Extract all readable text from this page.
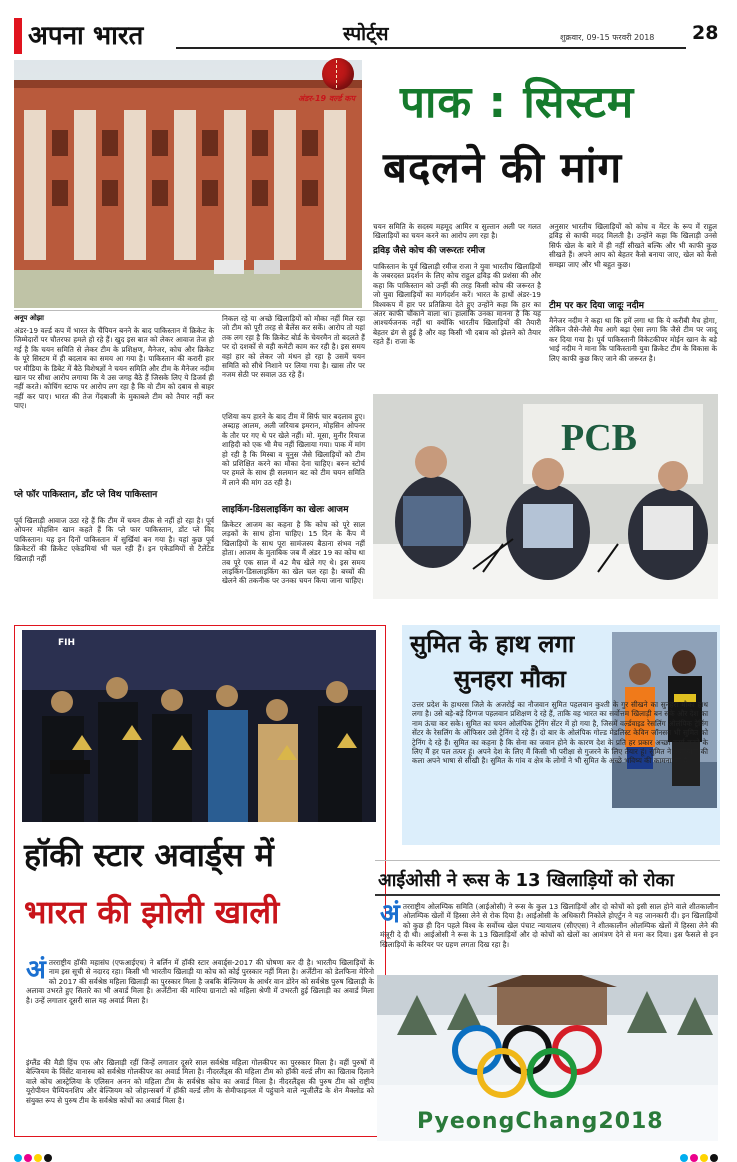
अपना भारत	स्पोर्ट्स	शुक्रवार, 09-15 फरवरी 2018 28
अंडर-19 वर्ल्ड कप पाक : सिस्टम
बदलने की मांग
अनूप ओझा
अंडर-19 वर्ल्ड कप में भारत के चैंपियन बनने के बाद पाकिस्तान में क्रिकेट के जिम्मेदारों पर चौतरफा हमले हो रहे हैं। खुद इस बात को लेकर आवाज तेज हो गई है कि चयन समिति से लेकर टीम के प्रशिक्षण, मैनेजर, कोच और क्रिकेट के पूरे सिस्टम में ही बदलाव का समय आ गया है। पाकिस्तान की करारी हार पर मीडिया के डिबेट में बैठे विशेषज्ञों ने चयन समिति और टीम के मैनेजर नदीम खान पर सीधा आरोप लगाया कि ये उस जगह बैठे हैं जिसके लिए ये डिजर्व ही नहीं करते। कोचिंग स्टाफ पर आरोप लग रहा है कि वो टीम को दबाव से बाहर नहीं कर पाए। भारत की तेज गेंदबाजी के मुकाबले टीम को तैयार नहीं कर पाए।
प्ले फॉर पाकिस्तान, डॉंट प्ले विथ पाकिस्तान
पूर्व खिलाड़ी आवाज उठा रहे हैं कि टीम में चयन ठीक से नहीं हो रहा है। पूर्व ओपनर मोहसिन खान कहते हैं कि प्ले फार पाकिस्तान, डोंट प्ले विद पाकिस्तान। यह इन दिनों पाकिस्तान में सुर्खियां बन गया है। यहां कुछ पूर्व क्रिकेटरों की क्रिकेट एकेडमियां भी चल रही हैं। इन एकेडमियों से टैलेंटेड खिलाड़ी नहीं
निकल रहे या अच्छे खिलाड़ियों को मौका नहीं मिल रहा जो टीम को पूरी तरह से बैलेंस कर सकें। आरोप तो यहां तक लग रहा है कि क्रिकेट बोर्ड के चेयरमैन तो बदलते हैं पर दो दशकों से वही कमेटी काम कर रही है। इस समय वहां हार को लेकर जो मंथन हो रहा है उसमें चयन समिति को सीधे निशाने पर लिया गया है। खास तौर पर नजम सेठी पर सवाल उठ रहे हैं।
एशिया कप हारने के बाद टीम में सिर्फ चार बदलाव हुए। अब्दाह आलम, अली जरियाब इमरान, मोहसिन ओपनर के तौर पर गए थे पर खेले नहीं। मो. मूसा, मुनीर रियाज शाहिदी को एक भी मैच नहीं खिलाया गया। पाक में मांग हो रही है कि मिस्बा व यूनुस जैसे खिलाड़ियों को टीम को प्रशिक्षित करने का मौका देना चाहिए। बरुन स्टोर्च पर हमले के साथ ही सलमान बट को टीम चयन समिति में लाने की मांग उठ रही है।
लाइकिंग-डिसलाइकिंग का खेलः आजम
क्रिकेटर आजम का कहना है कि कोच को पूरे साल लड़कों के साथ होना चाहिए। 15 दिन के कैंप में खिलाड़ियों के साथ पूरा सामंजस्य बैठाना संभव नहीं होता। आजम के मुताबिक जब मैं अंडर 19 का कोच था तब पूरे एक साल में 42 मैच खेले गए थे। इस समय लाइकिंग-डिसलाइकिंग का खेल चल रहा है। बच्चों की खेलने की तकनीक पर उनका चयन किया जाना चाहिए।
चयन समिति के सदस्य महमूद आमिर व सुल्तान अली पर गलत खिलाड़ियों का चयन करने का आरोप लग रहा है।
द्रविड़ जैसे कोच की जरूरतः रमीज
पाकिस्तान के पूर्व खिलाड़ी रमीज राजा ने युवा भारतीय खिलाड़ियों के जबरदस्त प्रदर्शन के लिए कोच राहुल द्रविड़ की प्रशंसा की और कहा कि पाकिस्तान को उन्हीं की तरह किसी कोच की जरूरत है जो युवा खिलाड़ियों का मार्गदर्शन करें। भारत के हाथों अंडर-19 विश्वकप में हार पर प्रतिक्रिया देते हुए उन्होंने कहा कि हार का अंतर काफी चौंकाने वाला था। हालांकि उनका मानना है कि यह आश्चर्यजनक नहीं था क्योंकि भारतीय खिलाड़ियों की तैयारी बेहतर ढंग से हुई है और वह किसी भी दबाव को झेलने को तैयार रहते हैं। राजा के
अनुसार भारतीय खिलाड़ियों को कोच व मेंटर के रूप में राहुल द्रविड़ से काफी मदद मिलती है। उन्होंने कहा कि खिलाड़ी उनसे सिर्फ खेल के बारे में ही नहीं सीखते बल्कि और भी काफी कुछ सीखते हैं। अपने आप को बेहतर कैसे बनाया जाए, खेल को कैसे समझा जाए और भी बहुत कुछ।
टीम पर कर दिया जादूः नदीम
मैनेजर नदीम ने कहा था कि हमें लगा था कि ये करीबी मैच होगा, लेकिन जैसे-जैसे मैच आगे बढ़ा ऐसा लगा कि जैसे टीम पर जादू कर दिया गया है। पूर्व पाकिस्तानी विकेटकीपर मोईन खान के बड़े भाई नदीम ने माना कि पाकिस्तानी युवा क्रिकेट टीम के विकास के लिए काफी कुछ किए जाने की जरूरत है।
PCB
FIH
हॉकी स्टार अवार्ड्स में
भारत की झोली खाली
अंतरराष्ट्रीय हॉकी महासंघ (एफआईएच) ने बर्लिन में हॉकी स्टार अवार्ड्स-2017 की घोषणा कर दी है। भारतीय खिलाड़ियों के नाम इस सूची से नदारद रहा। किसी भी भारतीय खिलाड़ी या कोच को कोई पुरस्कार नहीं मिला है। अर्जेंटीना को डेलफिना मेरिनो को 2017 की सर्वश्रेष्ठ महिला खिलाड़ी का पुरस्कार मिला है जबकि बेल्जियम के आर्थर वान डोरेन को सर्वश्रेष्ठ पुरुष खिलाड़ी के अलावा उभरते हुए सितारे का भी अवार्ड मिला है। अर्जेंटीना की मारिया ग्रानाटो को महिला श्रेणी में उभरती हुई खिलाड़ी का अवार्ड मिला है। उन्हें लगातार दूसरी साल यह अवार्ड मिला है।
इंग्लैंड की मैडी हिंच एफ और खिलाड़ी रहीं जिन्हें लगातार दूसरे साल सर्वश्रेष्ठ महिला गोलकीपर का पुरस्कार मिला है। वहीं पुरुषों में बेल्जियम के विंसेंट वानास्च को सर्वश्रेष्ठ गोलकीपर का अवार्ड मिला है। नीदरलैंड्स की महिला टीम को हॉकी वर्ल्ड लीग का खिताब दिलाने वाले कोच आस्ट्रेलिया के एलिसन अनन को महिला टीम के सर्वश्रेष्ठ कोच का अवार्ड मिला है। नीदरलैंड्स की पुरुष टीम को राष्ट्रीय यूरोपीयन चैम्पियनशिप और बेल्जियम को जोहान्सबर्ग में हॉकी वर्ल्ड लीग के सेमीफाइनल में पहुंचाने वाले न्यूजीलैंड के शेन मैक्लोड को संयुक्त रूप से पुरुष टीम के सर्वश्रेष्ठ कोचों का अवार्ड मिला है।
सुमित के हाथ लगा
सुनहरा मौका
उत्तर प्रदेश के हाथरस जिले के अजरोई का नौजवान सुमित पहलवान कुश्ती के गुर सीखने का सुनहरा मौका हाथ लगा है। उसे बड़े-बड़े दिग्गज पहलवान प्रशिक्षण दे रहे हैं, ताकि वह भारत का सर्वोत्तम खिलाड़ी बन सके और देश का नाम ऊंचा कर सके। सुमित का चयन ओलंपिक ट्रेनिंग सेंटर में हो गया है, जिसमें वर्ल्डवाइड रेसलिंग ओलंपिक ट्रेनिंग सेंटर के रेसलिंग के ऑफिसर उसे ट्रेनिंग दे रहे हैं। दो बार के ओलंपिक गोल्ड मेडलिस्ट केविन जॉनसन भी सुमित को ट्रेनिंग दे रहे हैं। सुमित का कहना है कि सेना का जवान होने के कारण देश के प्रति हर प्रकार अच्छा कार्य करने के लिए मैं हर पल तत्पर हूं। अपने देश के लिए मैं किसी भी परीक्षा से गुजरने के लिए तैयार हूं। सुमित ने पहलवानी की कला अपने भाषा से सीखी है। सुमित के गांव व क्षेत्र के लोगों ने भी सुमित के अच्छे भविष्य की कामना की है।
आईओसी ने रूस के 13 खिलाड़ियों को रोका
अंतरराष्ट्रीय ओलम्पिक समिति (आईओसी) ने रूस के कुल 13 खिलाड़ियों और दो कोचों को इसी साल होने वाले शीतकालीन ओलम्पिक खेलों में हिस्सा लेने से रोक दिया है। आईओसी के अधिकारी निकोले होएर्टुन ने यह जानकारी दी। इन खिलाड़ियों को कुछ ही दिन पहले विश्व के सर्वोच्च खेल पंचाट न्यायालय (सीएएस) ने शीतकालीन ओलम्पिक खेलों में हिस्सा लेने की मंजूरी दे दी थी। आईओसी ने रूस के 13 खिलाड़ियों और दो कोचों को खेलों का आमंत्रण देने से मना कर दिया। इस फैसले से इन खिलाड़ियों के करियर पर ग्रहण लगता दिख रहा है।
PyeongChang2018
